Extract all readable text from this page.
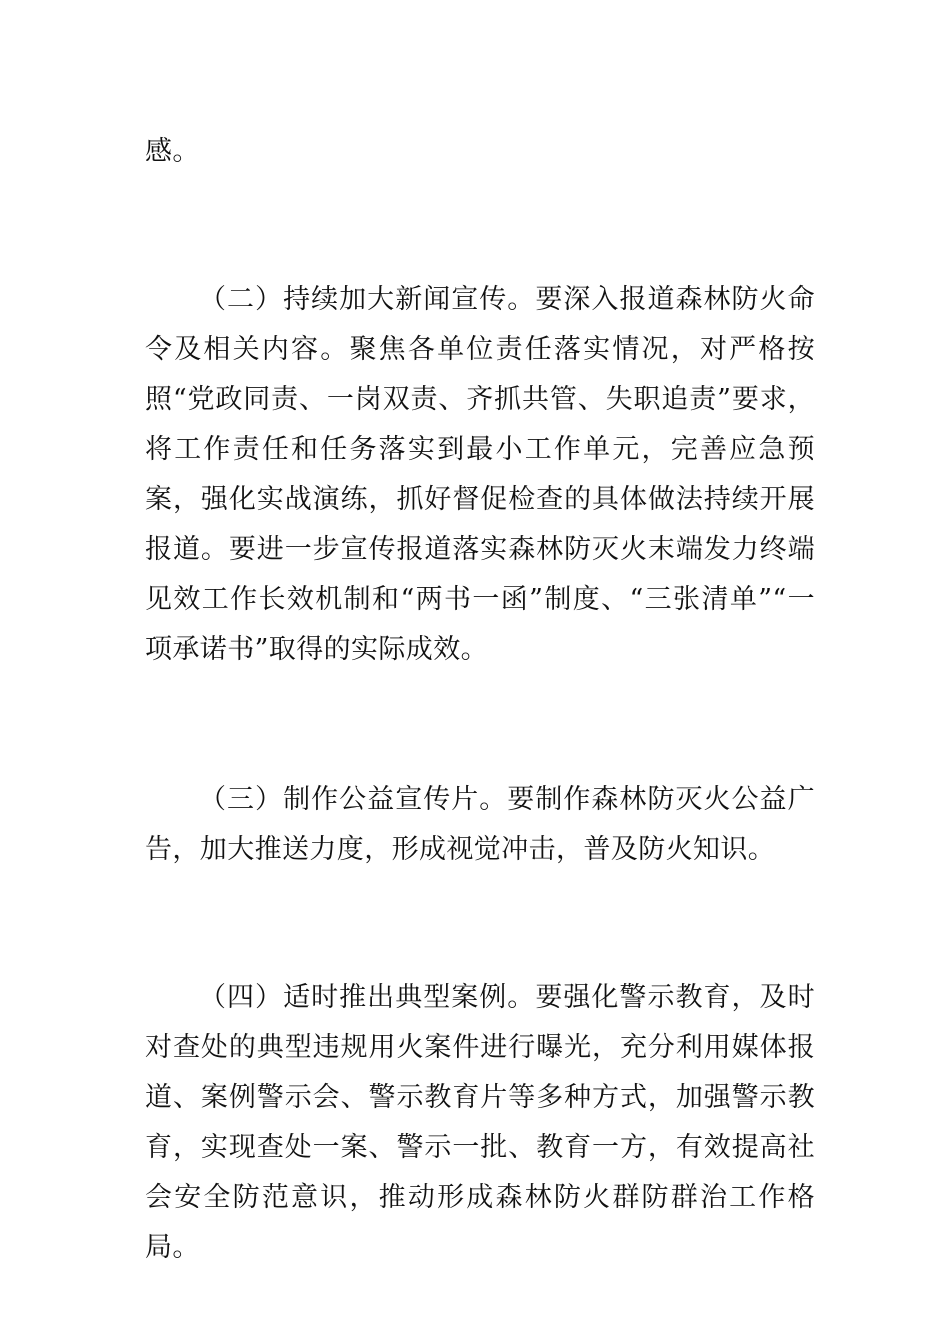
感。

（二）持续加大新闻宣传。要深入报道森林防火命令及相关内容。聚焦各单位责任落实情况，对严格按照“党政同责、一岗双责、齐抓共管、失职追责”要求，将工作责任和任务落实到最小工作单元，完善应急预案，强化实战演练，抓好督促检查的具体做法持续开展报道。要进一步宣传报道落实森林防灭火末端发力终端见效工作长效机制和“两书一函”制度、“三张清单”“一项承诺书”取得的实际成效。

（三）制作公益宣传片。要制作森林防灭火公益广告，加大推送力度，形成视觉冲击，普及防火知识。

（四）适时推出典型案例。要强化警示教育，及时对查处的典型违规用火案件进行曝光，充分利用媒体报道、案例警示会、警示教育片等多种方式，加强警示教育，实现查处一案、警示一批、教育一方，有效提高社会安全防范意识，推动形成森林防火群防群治工作格局。
